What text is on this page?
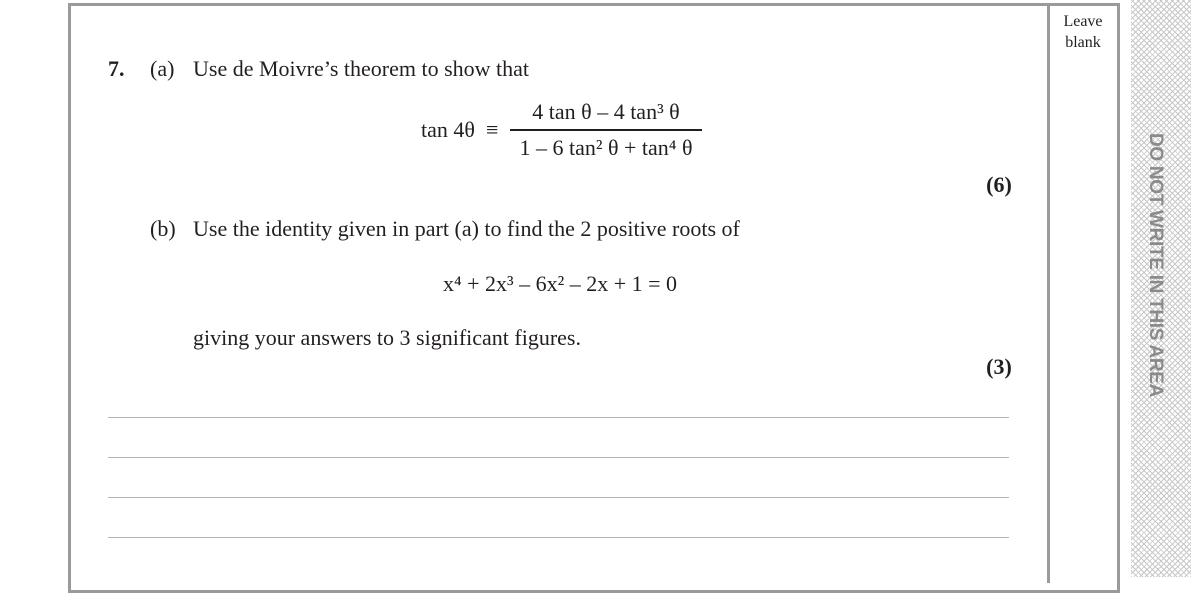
Leave
blank
DO NOT WRITE IN THIS AREA
7. (a) Use de Moivre’s theorem to show that
tan 4θ ≡
4 tan θ – 4 tan³ θ
1 – 6 tan² θ + tan⁴ θ
(6)
(b) Use the identity given in part (a) to find the 2 positive roots of
x⁴ + 2x³ – 6x² – 2x + 1 = 0
giving your answers to 3 significant figures.
(3)
